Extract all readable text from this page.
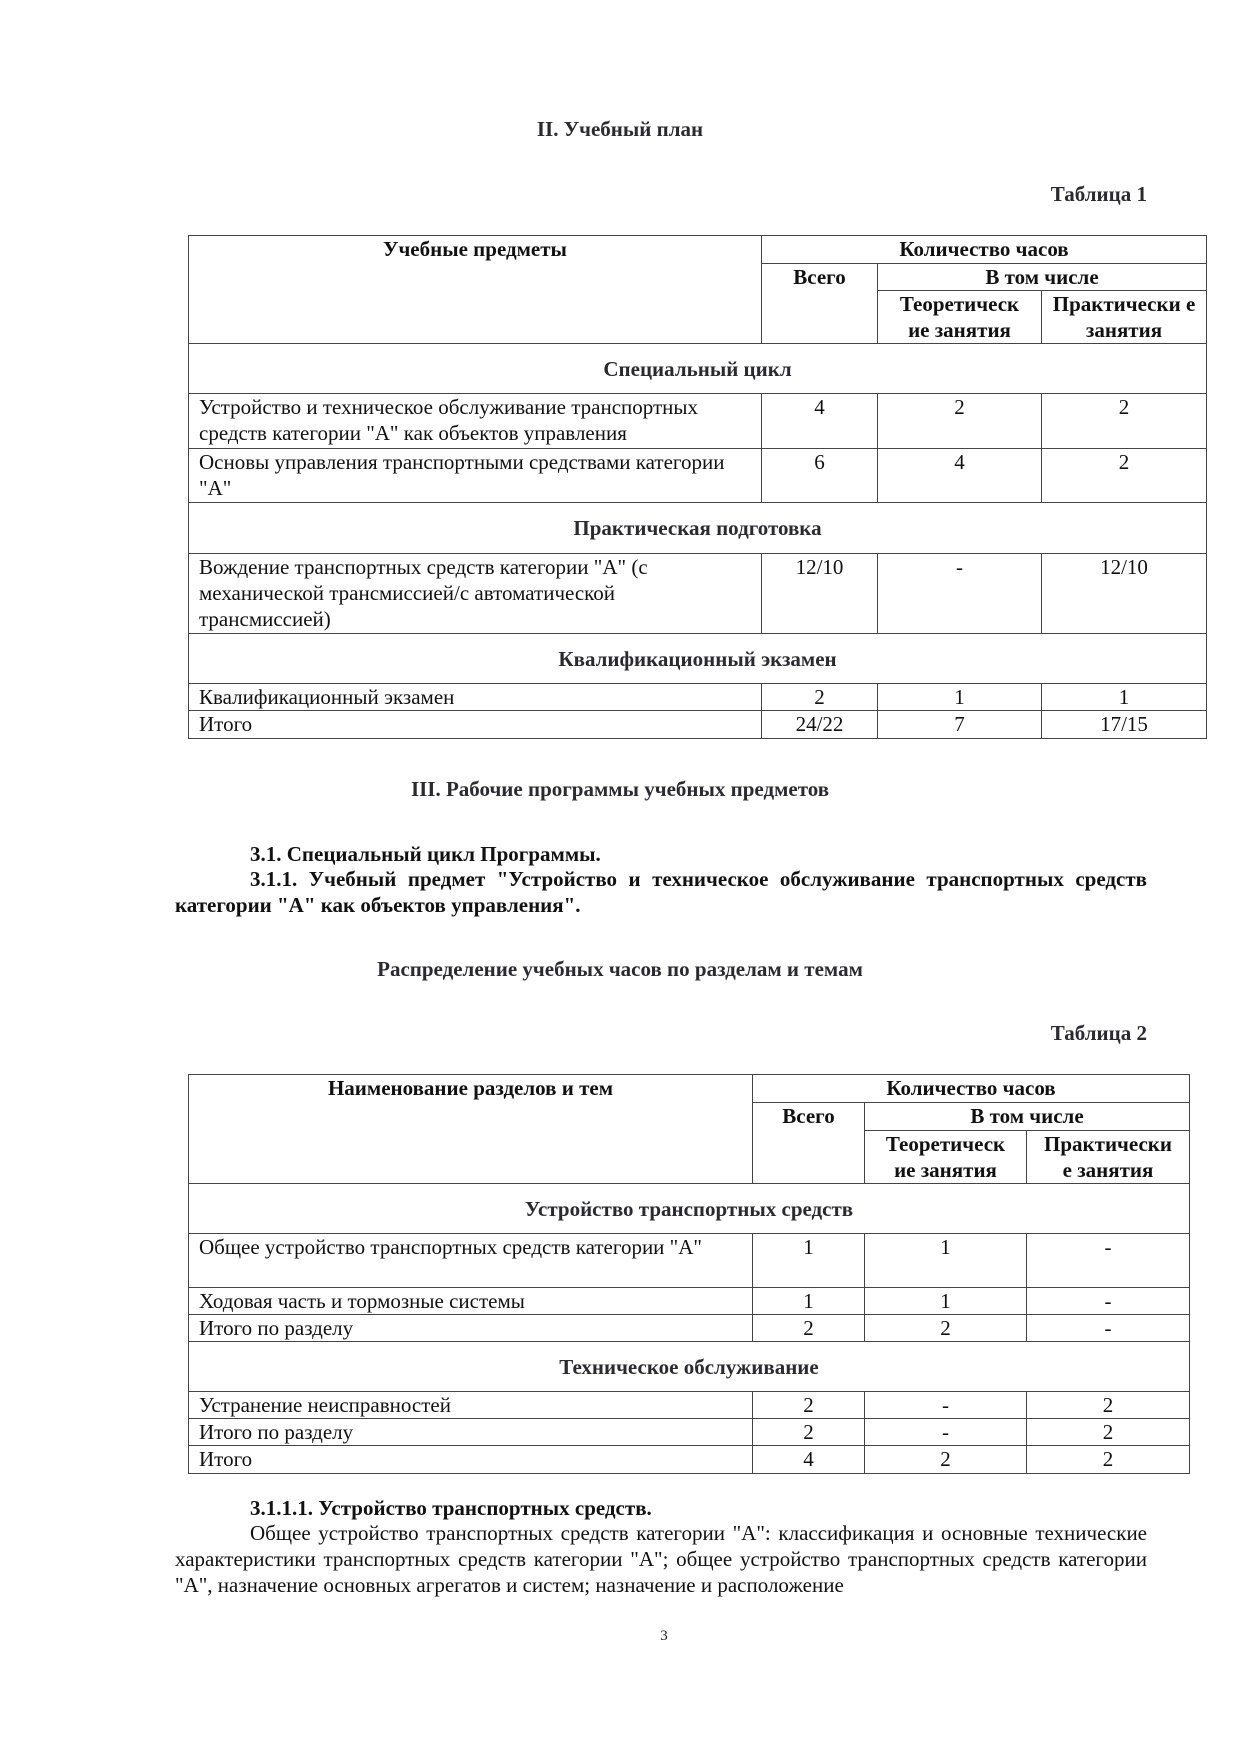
II. Учебный план
Таблица 1
Учебные предметы	Количество часов		
	Всего	В том числе	
		Теоретическ ие занятия	Практически е занятия
Специальный цикл			
Устройство и техническое обслуживание транспортных средств категории "А" как объектов управления	4	2	2
Основы управления транспортными средствами категории "А"	6	4	2
Практическая подготовка			
Вождение транспортных средств категории "А" (с механической трансмиссией/с автоматической трансмиссией)	12/10	-	12/10
Квалификационный экзамен			
Квалификационный экзамен	2	1	1
Итого	24/22	7	17/15
III. Рабочие программы учебных предметов
3.1. Специальный цикл Программы.
3.1.1. Учебный предмет "Устройство и техническое обслуживание транспортных средств категории "А" как объектов управления".
Распределение учебных часов по разделам и темам
Таблица 2
Наименование разделов и тем	Количество часов		
	Всего	В том числе	
		Теоретическ ие занятия	Практически е занятия
Устройство транспортных средств			
Общее устройство транспортных средств категории "А"	1	1	-
Ходовая часть и тормозные системы	1	1	-
Итого по разделу	2	2	-
Техническое обслуживание			
Устранение неисправностей	2	-	2
Итого по разделу	2	-	2
Итого	4	2	2
3.1.1.1. Устройство транспортных средств.
Общее устройство транспортных средств категории "А": классификация и основные технические характеристики транспортных средств категории "А"; общее устройство транспортных средств категории "А", назначение основных агрегатов и систем; назначение и расположение
3
